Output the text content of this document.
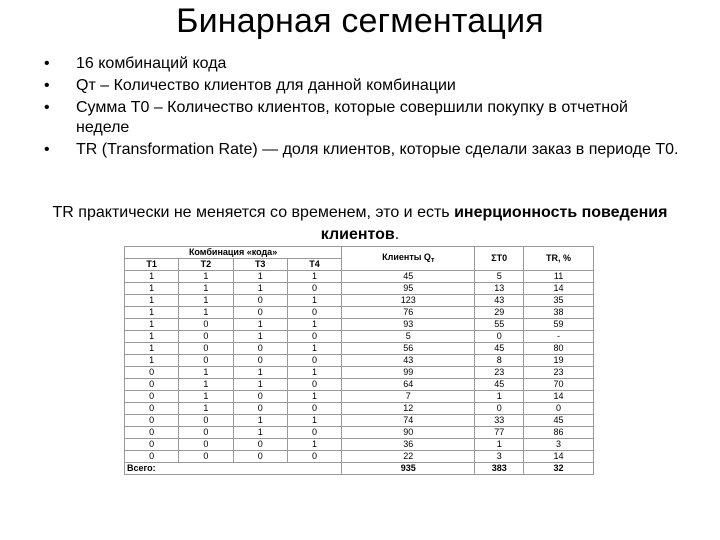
Бинарная сегментация
• 16 комбинаций кода
• Qт – Количество клиентов для данной комбинации
• Сумма Т0 – Количество клиентов, которые совершили покупку в отчетной неделе
• TR (Transformation Rate) — доля клиентов, которые сделали заказ в периоде Т0.
TR практически не меняется со временем, это и есть инерционность поведения клиентов.
Комбинация «кода»				Клиенты $Q_т$	ΣТ0	TR, %
T1	T2	T3	T4			
1	1	1	1	45	5	11
1	1	1	0	95	13	14
1	1	0	1	123	43	35
1	1	0	0	76	29	38
1	0	1	1	93	55	59
1	0	1	0	5	0	-
1	0	0	1	56	45	80
1	0	0	0	43	8	19
0	1	1	1	99	23	23
0	1	1	0	64	45	70
0	1	0	1	7	1	14
0	1	0	0	12	0	0
0	0	1	1	74	33	45
0	0	1	0	90	77	86
0	0	0	1	36	1	3
0	0	0	0	22	3	14
Всего:				935	383	32
